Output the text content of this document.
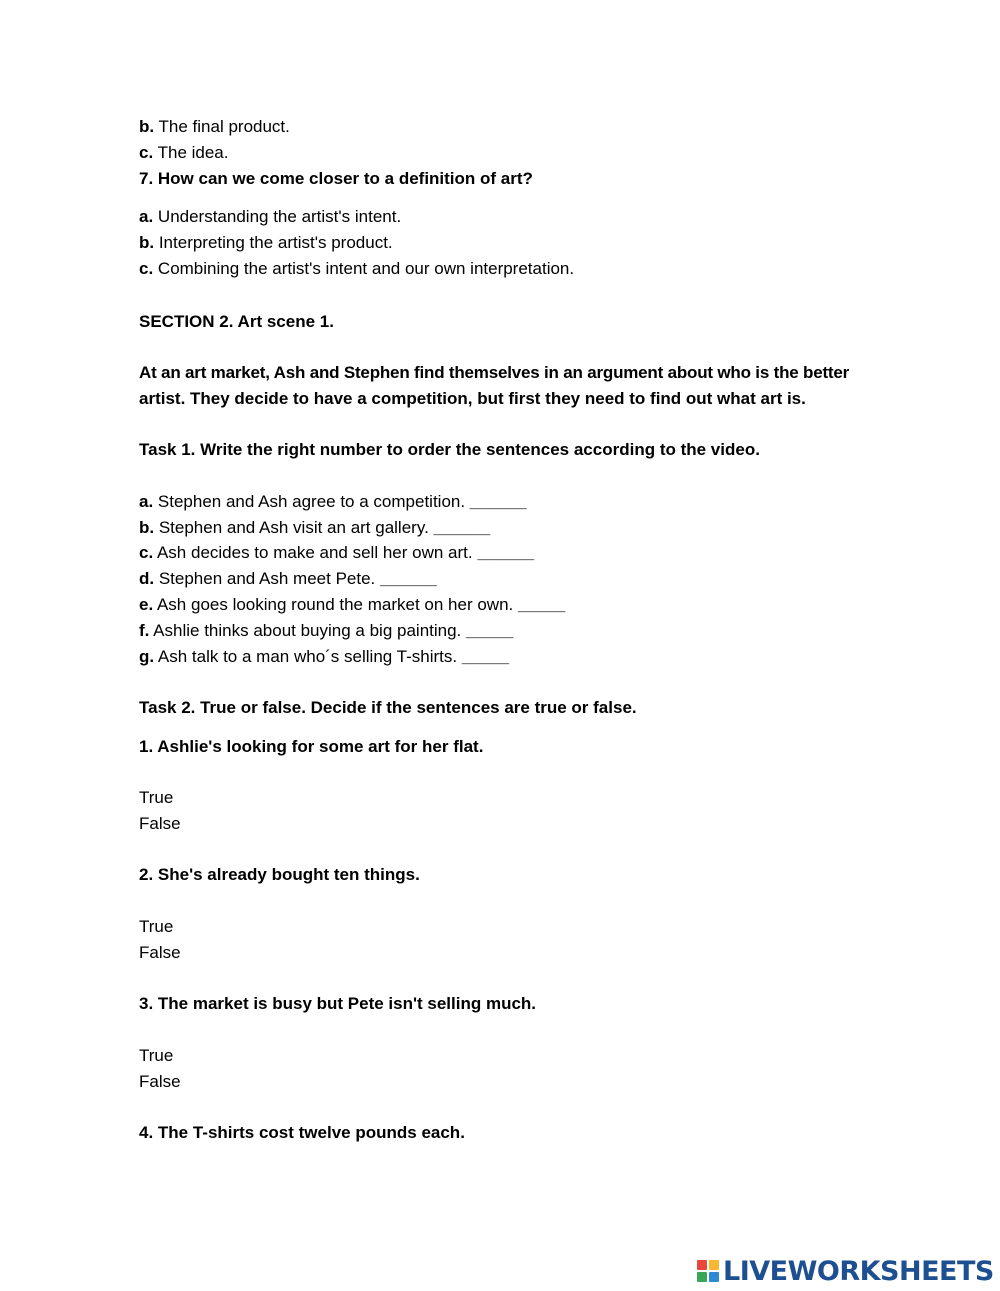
b. The final product.
c. The idea.
7. How can we come closer to a definition of art?
a. Understanding the artist's intent.
b. Interpreting the artist's product.
c. Combining the artist's intent and our own interpretation.
SECTION 2. Art scene 1.
At an art market, Ash and Stephen find themselves in an argument about who is the better
artist. They decide to have a competition, but first they need to find out what art is.
Task 1. Write the right number to order the sentences according to the video.
a. Stephen and Ash agree to a competition. ______
b. Stephen and Ash visit an art gallery. ______
c. Ash decides to make and sell her own art. ______
d. Stephen and Ash meet Pete. ______
e. Ash goes looking round the market on her own. _____
f. Ashlie thinks about buying a big painting. _____
g. Ash talk to a man who´s selling T-shirts. _____
Task 2. True or false. Decide if the sentences are true or false.
1. Ashlie's looking for some art for her flat.
True
False
2. She's already bought ten things.
True
False
3. The market is busy but Pete isn't selling much.
True
False
4. The T-shirts cost twelve pounds each.
LIVEWORKSHEETS
